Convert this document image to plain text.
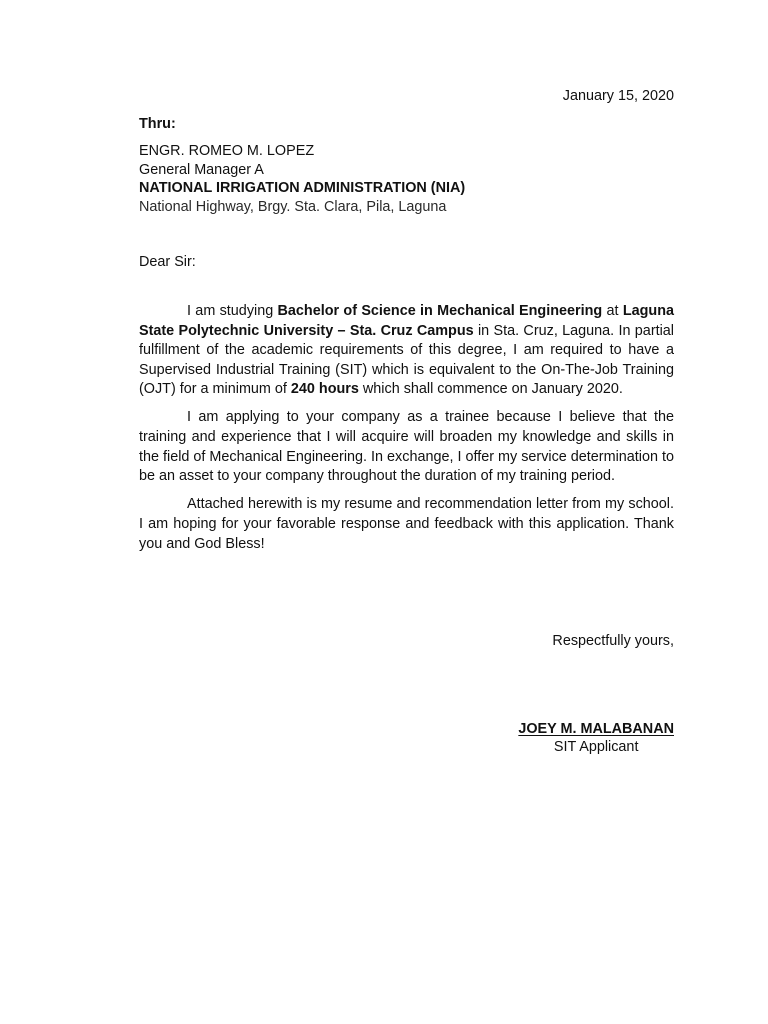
January 15, 2020
Thru:
ENGR. ROMEO M. LOPEZ
General Manager A
NATIONAL IRRIGATION ADMINISTRATION (NIA)
National Highway, Brgy. Sta. Clara, Pila, Laguna
Dear Sir:

I am studying Bachelor of Science in Mechanical Engineering at Laguna State Polytechnic University – Sta. Cruz Campus in Sta. Cruz, Laguna. In partial fulfillment of the academic requirements of this degree, I am required to have a Supervised Industrial Training (SIT) which is equivalent to the On-The-Job Training (OJT) for a minimum of 240 hours which shall commence on January 2020.

I am applying to your company as a trainee because I believe that the training and experience that I will acquire will broaden my knowledge and skills in the field of Mechanical Engineering. In exchange, I offer my service determination to be an asset to your company throughout the duration of my training period.

Attached herewith is my resume and recommendation letter from my school. I am hoping for your favorable response and feedback with this application. Thank you and God Bless!

Respectfully yours,
JOEY M. MALABANAN
SIT Applicant
